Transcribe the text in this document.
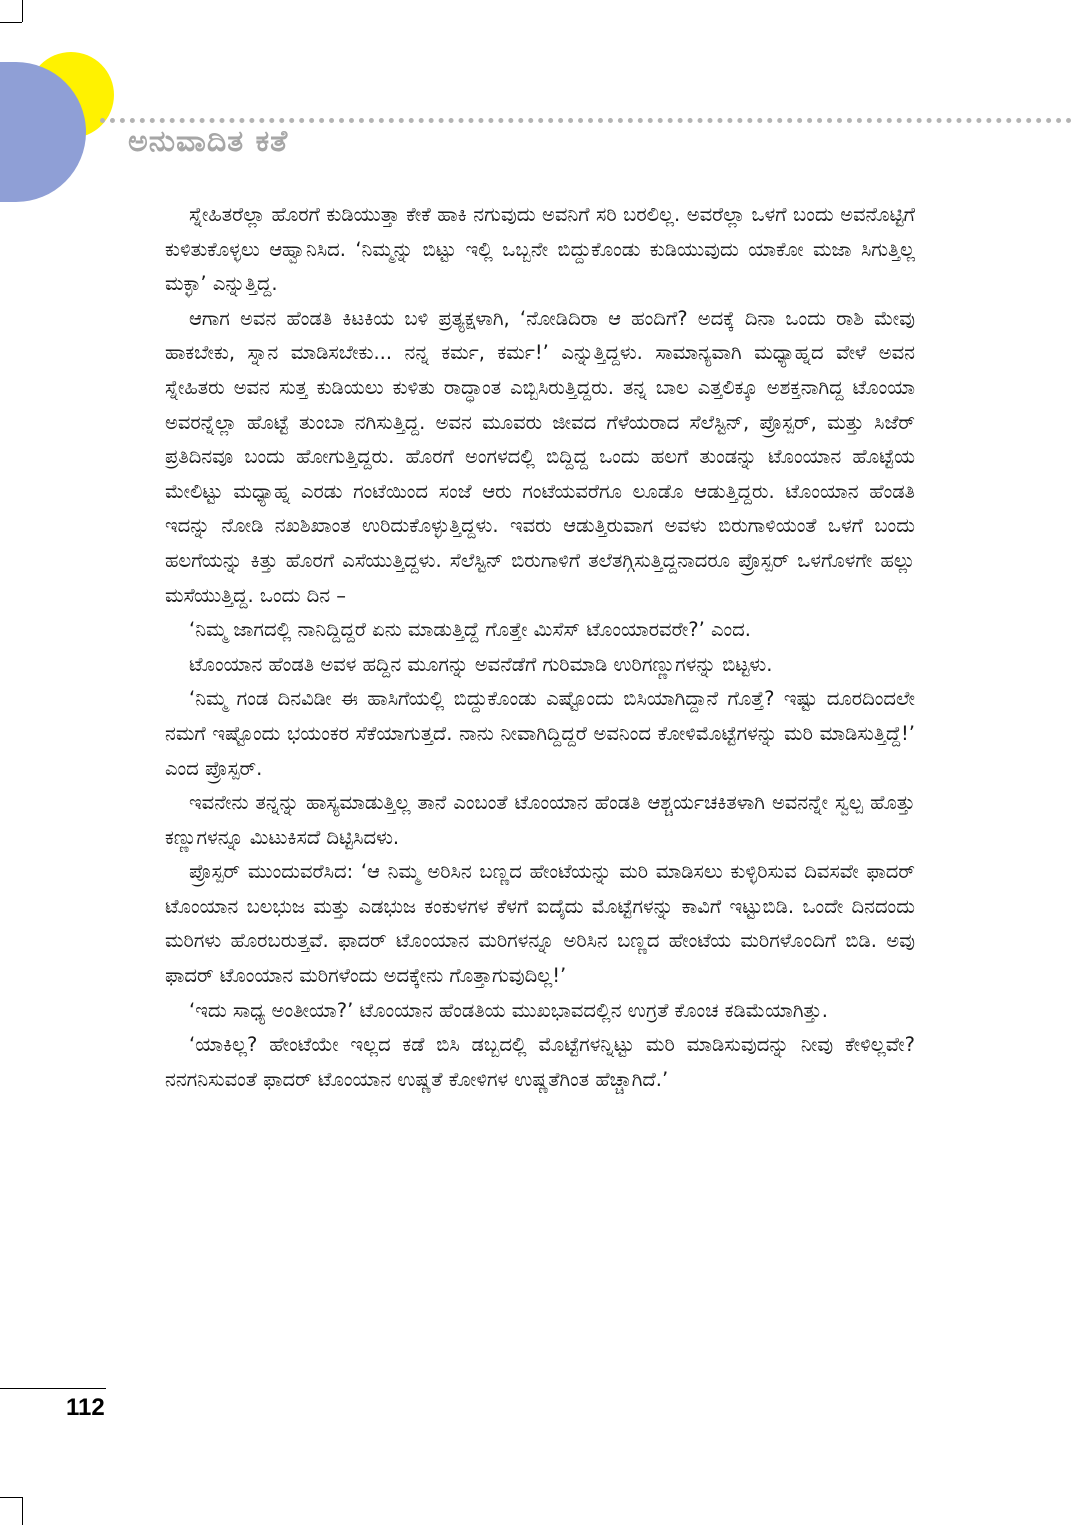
ಅನುವಾದಿತ ಕತೆ

ಸ್ನೇಹಿತರೆಲ್ಲಾ ಹೊರಗೆ ಕುಡಿಯುತ್ತಾ ಕೇಕೆ ಹಾಕಿ ನಗುವುದು ಅವನಿಗೆ ಸರಿ ಬರಲಿಲ್ಲ. ಅವರೆಲ್ಲಾ ಒಳಗೆ ಬಂದು ಅವನೊಟ್ಟಿಗೆ ಕುಳಿತುಕೊಳ್ಳಲು ಆಹ್ವಾನಿಸಿದ. ‘ನಿಮ್ಮನ್ನು ಬಿಟ್ಟು ಇಲ್ಲಿ ಒಬ್ಬನೇ ಬಿದ್ದುಕೊಂಡು ಕುಡಿಯುವುದು ಯಾಕೋ ಮಜಾ ಸಿಗುತ್ತಿಲ್ಲ ಮಕ್ಳಾ’ ಎನ್ನುತ್ತಿದ್ದ.

ಆಗಾಗ ಅವನ ಹೆಂಡತಿ ಕಿಟಕಿಯ ಬಳಿ ಪ್ರತ್ಯಕ್ಷಳಾಗಿ, ‘ನೋಡಿದಿರಾ ಆ ಹಂದಿಗೆ? ಅದಕ್ಕೆ ದಿನಾ ಒಂದು ರಾಶಿ ಮೇವು ಹಾಕಬೇಕು, ಸ್ನಾನ ಮಾಡಿಸಬೇಕು... ನನ್ನ ಕರ್ಮ, ಕರ್ಮ!’ ಎನ್ನುತ್ತಿದ್ದಳು. ಸಾಮಾನ್ಯವಾಗಿ ಮಧ್ಯಾಹ್ನದ ವೇಳೆ ಅವನ ಸ್ನೇಹಿತರು ಅವನ ಸುತ್ತ ಕುಡಿಯಲು ಕುಳಿತು ರಾದ್ಧಾಂತ ಎಬ್ಬಿಸಿರುತ್ತಿದ್ದರು. ತನ್ನ ಬಾಲ ಎತ್ತಲಿಕ್ಕೂ ಅಶಕ್ತನಾಗಿದ್ದ ಟೊಂಯಾ ಅವರನ್ನೆಲ್ಲಾ ಹೊಟ್ಟೆ ತುಂಬಾ ನಗಿಸುತ್ತಿದ್ದ. ಅವನ ಮೂವರು ಜೀವದ ಗೆಳೆಯರಾದ ಸೆಲೆಸ್ಟಿನ್, ಪ್ರೊಸ್ಪರ್, ಮತ್ತು ಸಿಜೆರ್ ಪ್ರತಿದಿನವೂ ಬಂದು ಹೋಗುತ್ತಿದ್ದರು. ಹೊರಗೆ ಅಂಗಳದಲ್ಲಿ ಬಿದ್ದಿದ್ದ ಒಂದು ಹಲಗೆ ತುಂಡನ್ನು ಟೊಂಯಾನ ಹೊಟ್ಟೆಯ ಮೇಲಿಟ್ಟು ಮಧ್ಯಾಹ್ನ ಎರಡು ಗಂಟೆಯಿಂದ ಸಂಜೆ ಆರು ಗಂಟೆಯವರೆಗೂ ಲೂಡೊ ಆಡುತ್ತಿದ್ದರು. ಟೊಂಯಾನ ಹೆಂಡತಿ ಇದನ್ನು ನೋಡಿ ನಖಶಿಖಾಂತ ಉರಿದುಕೊಳ್ಳುತ್ತಿದ್ದಳು. ಇವರು ಆಡುತ್ತಿರುವಾಗ ಅವಳು ಬಿರುಗಾಳಿಯಂತೆ ಒಳಗೆ ಬಂದು ಹಲಗೆಯನ್ನು ಕಿತ್ತು ಹೊರಗೆ ಎಸೆಯುತ್ತಿದ್ದಳು. ಸೆಲೆಸ್ಟಿನ್ ಬಿರುಗಾಳಿಗೆ ತಲೆತಗ್ಗಿಸುತ್ತಿದ್ದನಾದರೂ ಪ್ರೊಸ್ಪರ್ ಒಳಗೊಳಗೇ ಹಲ್ಲು ಮಸೆಯುತ್ತಿದ್ದ. ಒಂದು ದಿನ –

‘ನಿಮ್ಮ ಜಾಗದಲ್ಲಿ ನಾನಿದ್ದಿದ್ದರೆ ಏನು ಮಾಡುತ್ತಿದ್ದೆ ಗೊತ್ತೇ ಮಿಸೆಸ್ ಟೊಂಯಾರವರೇ?’ ಎಂದ.

ಟೊಂಯಾನ ಹೆಂಡತಿ ಅವಳ ಹದ್ದಿನ ಮೂಗನ್ನು ಅವನೆಡೆಗೆ ಗುರಿಮಾಡಿ ಉರಿಗಣ್ಣುಗಳನ್ನು ಬಿಟ್ಟಳು.

‘ನಿಮ್ಮ ಗಂಡ ದಿನವಿಡೀ ಈ ಹಾಸಿಗೆಯಲ್ಲಿ ಬಿದ್ದುಕೊಂಡು ಎಷ್ಟೊಂದು ಬಿಸಿಯಾಗಿದ್ದಾನೆ ಗೊತ್ತೆ? ಇಷ್ಟು ದೂರದಿಂದಲೇ ನಮಗೆ ಇಷ್ಟೊಂದು ಭಯಂಕರ ಸೆಕೆಯಾಗುತ್ತದೆ. ನಾನು ನೀವಾಗಿದ್ದಿದ್ದರೆ ಅವನಿಂದ ಕೋಳಿಮೊಟ್ಟೆಗಳನ್ನು ಮರಿ ಮಾಡಿಸುತ್ತಿದ್ದೆ!’ ಎಂದ ಪ್ರೊಸ್ಪರ್.

ಇವನೇನು ತನ್ನನ್ನು ಹಾಸ್ಯಮಾಡುತ್ತಿಲ್ಲ ತಾನೆ ಎಂಬಂತೆ ಟೊಂಯಾನ ಹೆಂಡತಿ ಆಶ್ಚರ್ಯಚಕಿತಳಾಗಿ ಅವನನ್ನೇ ಸ್ವಲ್ಪ ಹೊತ್ತು ಕಣ್ಣುಗಳನ್ನೂ ಮಿಟುಕಿಸದೆ ದಿಟ್ಟಿಸಿದಳು.

ಪ್ರೊಸ್ಪರ್ ಮುಂದುವರೆಸಿದ: ‘ಆ ನಿಮ್ಮ ಅರಿಸಿನ ಬಣ್ಣದ ಹೇಂಟೆಯನ್ನು ಮರಿ ಮಾಡಿಸಲು ಕುಳ್ಳಿರಿಸುವ ದಿವಸವೇ ಫಾದರ್ ಟೊಂಯಾನ ಬಲಭುಜ ಮತ್ತು ಎಡಭುಜ ಕಂಕುಳಗಳ ಕೆಳಗೆ ಐದೈದು ಮೊಟ್ಟೆಗಳನ್ನು ಕಾವಿಗೆ ಇಟ್ಟುಬಿಡಿ. ಒಂದೇ ದಿನದಂದು ಮರಿಗಳು ಹೊರಬರುತ್ತವೆ. ಫಾದರ್ ಟೊಂಯಾನ ಮರಿಗಳನ್ನೂ ಅರಿಸಿನ ಬಣ್ಣದ ಹೇಂಟೆಯ ಮರಿಗಳೊಂದಿಗೆ ಬಿಡಿ. ಅವು ಫಾದರ್ ಟೊಂಯಾನ ಮರಿಗಳೆಂದು ಅದಕ್ಕೇನು ಗೊತ್ತಾಗುವುದಿಲ್ಲ!’

‘ಇದು ಸಾಧ್ಯ ಅಂತೀಯಾ?’ ಟೊಂಯಾನ ಹೆಂಡತಿಯ ಮುಖಭಾವದಲ್ಲಿನ ಉಗ್ರತೆ ಕೊಂಚ ಕಡಿಮೆಯಾಗಿತ್ತು.

‘ಯಾಕಿಲ್ಲ? ಹೇಂಟೆಯೇ ಇಲ್ಲದ ಕಡೆ ಬಿಸಿ ಡಬ್ಬದಲ್ಲಿ ಮೊಟ್ಟೆಗಳನ್ನಿಟ್ಟು ಮರಿ ಮಾಡಿಸುವುದನ್ನು ನೀವು ಕೇಳಿಲ್ಲವೇ? ನನಗನಿಸುವಂತೆ ಫಾದರ್ ಟೊಂಯಾನ ಉಷ್ಣತೆ ಕೋಳಿಗಳ ಉಷ್ಣತೆಗಿಂತ ಹೆಚ್ಚಾಗಿದೆ.’

112
